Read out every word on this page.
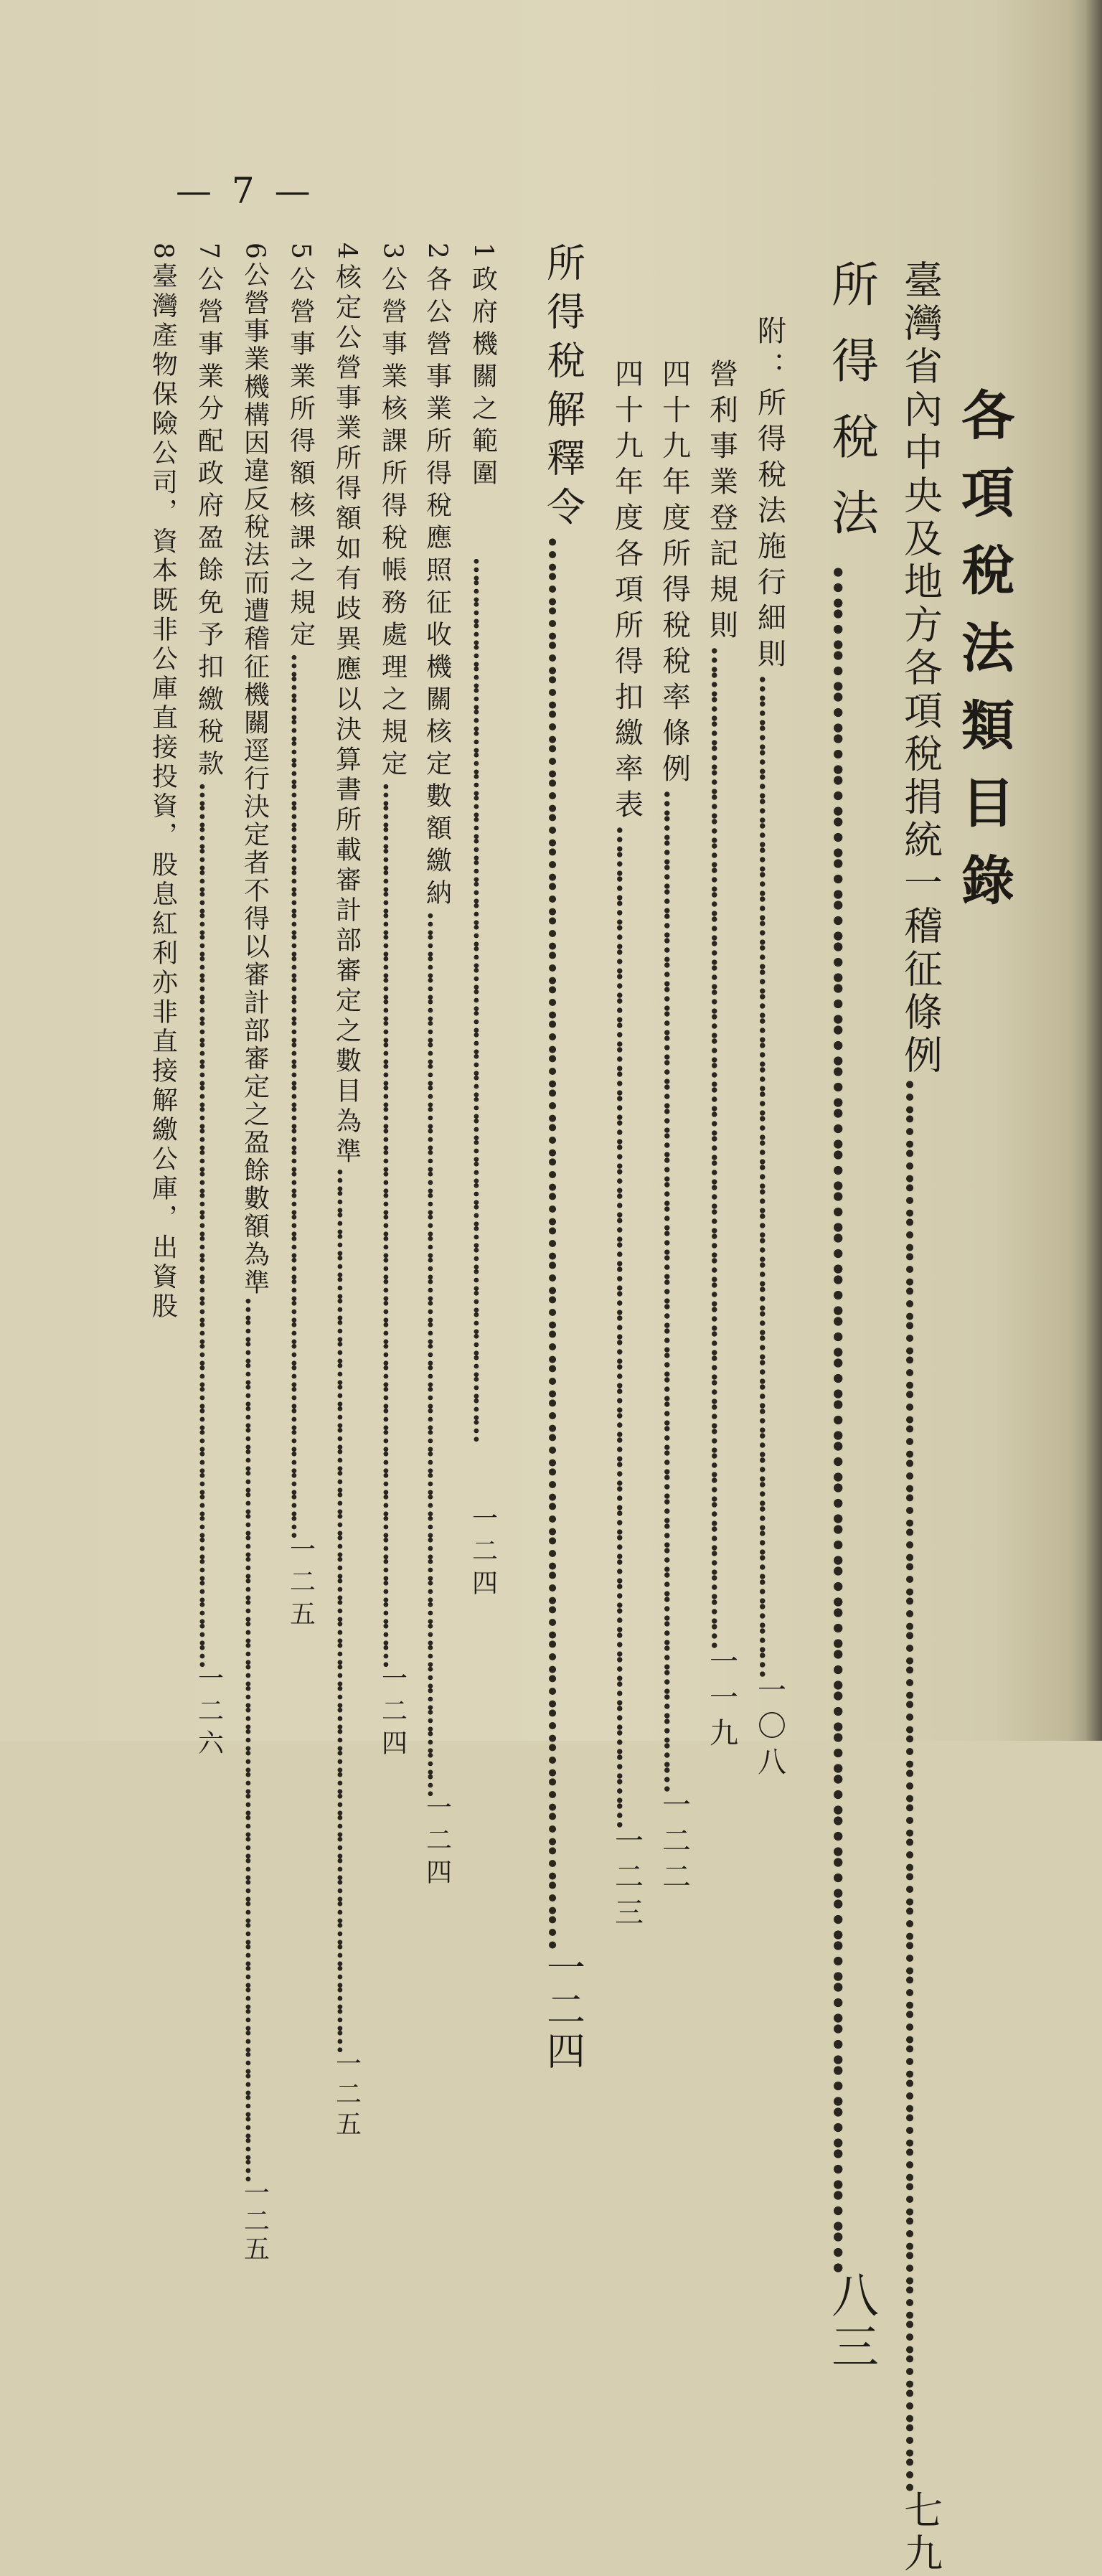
— 7 —
各項稅法類目錄
臺灣省內中央及地方各項稅捐統一稽征條例
……………………………………………………………………………………………………………
七九
所得稅法
……………………………………………………………………………………………………………
八三
附：所得稅法施行細則
……………………………………………………………………………………………………………
一〇八
營利事業登記規則
……………………………………………………………………………………………………………
一一九
四十九年度所得稅稅率條例
……………………………………………………………………………………………………………
一二二
四十九年度各項所得扣繳率表
……………………………………………………………………………………………………………
一二三
所得稅解釋令
……………………………………………………………………………………………………………
一二四
1政府機關之範圍
……………………………………………………………………………………………………………
一二四
2各公營事業所得稅應照征收機關核定數額繳納
……………………………………………………………………………………………………………
一二四
3公營事業核課所得稅帳務處理之規定
……………………………………………………………………………………………………………
一二四
4核定公營事業所得額如有歧異應以決算書所載審計部審定之數目為準
……………………………………………………………………………………………………………
一二五
5公營事業所得額核課之規定
……………………………………………………………………………………………………………
一二五
6公營事業機構因違反稅法而遭稽征機關逕行決定者不得以審計部審定之盈餘數額為準
……………………………………………………………………………………………………………
一二五
7公營事業分配政府盈餘免予扣繳稅款
……………………………………………………………………………………………………………
一二六
8臺灣產物保險公司，資本既非公庫直接投資，股息紅利亦非直接解繳公庫，出資股
